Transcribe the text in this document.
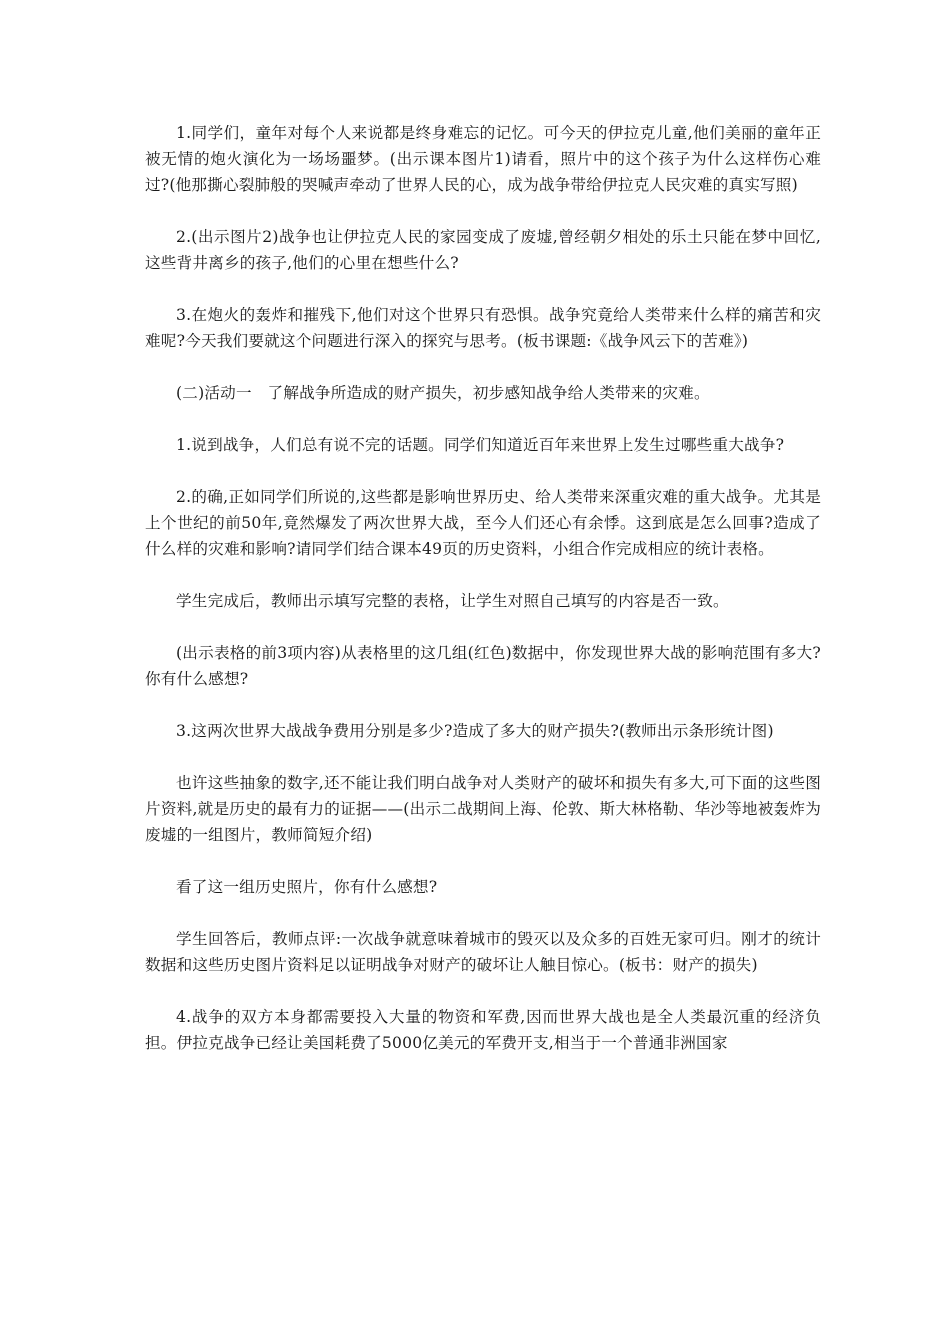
1.同学们，童年对每个人来说都是终身难忘的记忆。可今天的伊拉克儿童,他们美丽的童年正被无情的炮火演化为一场场噩梦。(出示课本图片1)请看，照片中的这个孩子为什么这样伤心难过?(他那撕心裂肺般的哭喊声牵动了世界人民的心，成为战争带给伊拉克人民灾难的真实写照)

2.(出示图片2)战争也让伊拉克人民的家园变成了废墟,曾经朝夕相处的乐土只能在梦中回忆,这些背井离乡的孩子,他们的心里在想些什么?

3.在炮火的轰炸和摧残下,他们对这个世界只有恐惧。战争究竟给人类带来什么样的痛苦和灾难呢?今天我们要就这个问题进行深入的探究与思考。(板书课题:《战争风云下的苦难》)

(二)活动一　了解战争所造成的财产损失，初步感知战争给人类带来的灾难。

1.说到战争，人们总有说不完的话题。同学们知道近百年来世界上发生过哪些重大战争?

2.的确,正如同学们所说的,这些都是影响世界历史、给人类带来深重灾难的重大战争。尤其是上个世纪的前50年,竟然爆发了两次世界大战，至今人们还心有余悸。这到底是怎么回事?造成了什么样的灾难和影响?请同学们结合课本49页的历史资料，小组合作完成相应的统计表格。

学生完成后，教师出示填写完整的表格，让学生对照自己填写的内容是否一致。

(出示表格的前3项内容)从表格里的这几组(红色)数据中，你发现世界大战的影响范围有多大?你有什么感想?

3.这两次世界大战战争费用分别是多少?造成了多大的财产损失?(教师出示条形统计图)

也许这些抽象的数字,还不能让我们明白战争对人类财产的破坏和损失有多大,可下面的这些图片资料,就是历史的最有力的证据——(出示二战期间上海、伦敦、斯大林格勒、华沙等地被轰炸为废墟的一组图片，教师简短介绍)

看了这一组历史照片，你有什么感想?

学生回答后，教师点评:一次战争就意味着城市的毁灭以及众多的百姓无家可归。刚才的统计数据和这些历史图片资料足以证明战争对财产的破坏让人触目惊心。(板书：财产的损失)

4.战争的双方本身都需要投入大量的物资和军费,因而世界大战也是全人类最沉重的经济负担。伊拉克战争已经让美国耗费了5000亿美元的军费开支,相当于一个普通非洲国家
